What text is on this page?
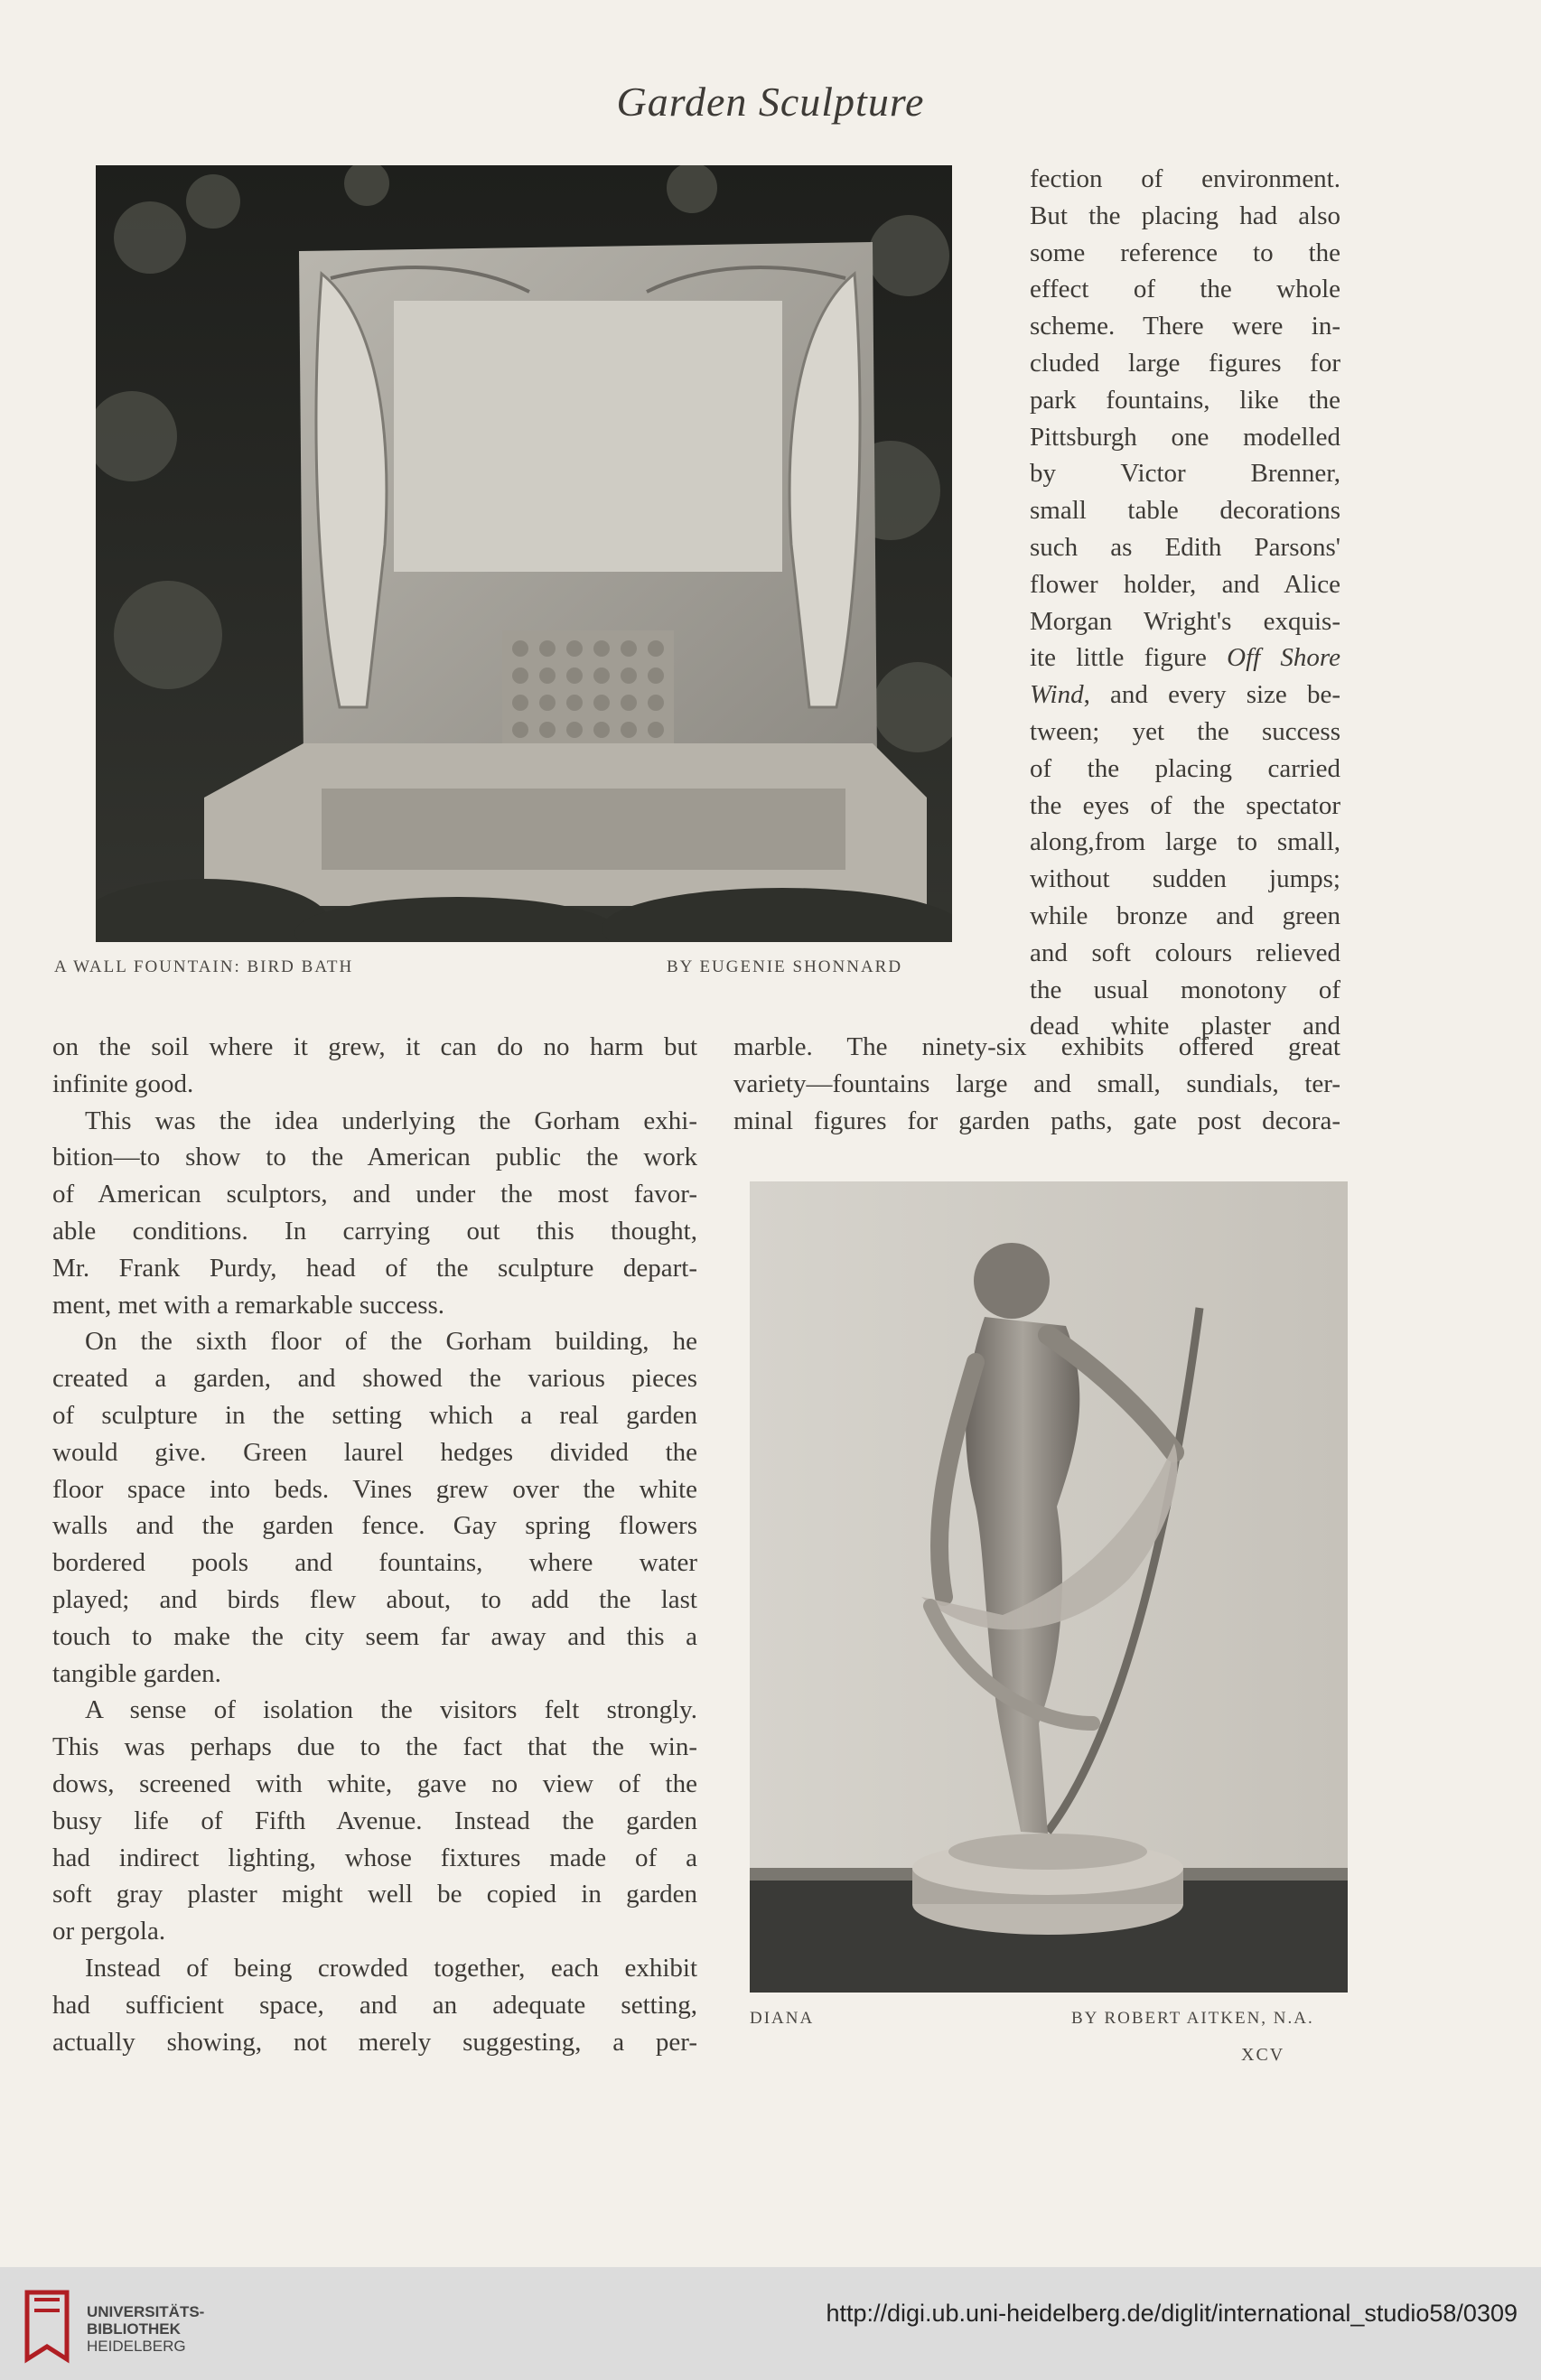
Garden Sculpture
A WALL FOUNTAIN: BIRD BATH	BY EUGENIE SHONNARD
fection of environment.
But the placing had also
some reference to the
effect of the whole
scheme. There were in-
cluded large figures for
park fountains, like the
Pittsburgh one modelled
by Victor Brenner,
small table decorations
such as Edith Parsons'
flower holder, and Alice
Morgan Wright's exquis-
ite little figure Off Shore
Wind, and every size be-
tween; yet the success
of the placing carried
the eyes of the spectator
along,from large to small,
without sudden jumps;
while bronze and green
and soft colours relieved
the usual monotony of
dead white plaster and
marble. The ninety-six exhibits offered great
variety—fountains large and small, sundials, ter-
minal figures for garden paths, gate post decora-
on the soil where it grew, it can do no harm but
infinite good.
This was the idea underlying the Gorham exhi-
bition—to show to the American public the work
of American sculptors, and under the most favor-
able conditions. In carrying out this thought,
Mr. Frank Purdy, head of the sculpture depart-
ment, met with a remarkable success.
On the sixth floor of the Gorham building, he
created a garden, and showed the various pieces
of sculpture in the setting which a real garden
would give. Green laurel hedges divided the
floor space into beds. Vines grew over the white
walls and the garden fence. Gay spring flowers
bordered pools and fountains, where water
played; and birds flew about, to add the last
touch to make the city seem far away and this a
tangible garden.
A sense of isolation the visitors felt strongly.
This was perhaps due to the fact that the win-
dows, screened with white, gave no view of the
busy life of Fifth Avenue. Instead the garden
had indirect lighting, whose fixtures made of a
soft gray plaster might well be copied in garden
or pergola.
Instead of being crowded together, each exhibit
had sufficient space, and an adequate setting,
actually showing, not merely suggesting, a per-
DIANA	BY ROBERT AITKEN, N.A.
XCV
UNIVERSITÄTS-
BIBLIOTHEK
HEIDELBERG
http://digi.ub.uni-heidelberg.de/diglit/international_studio58/0309
